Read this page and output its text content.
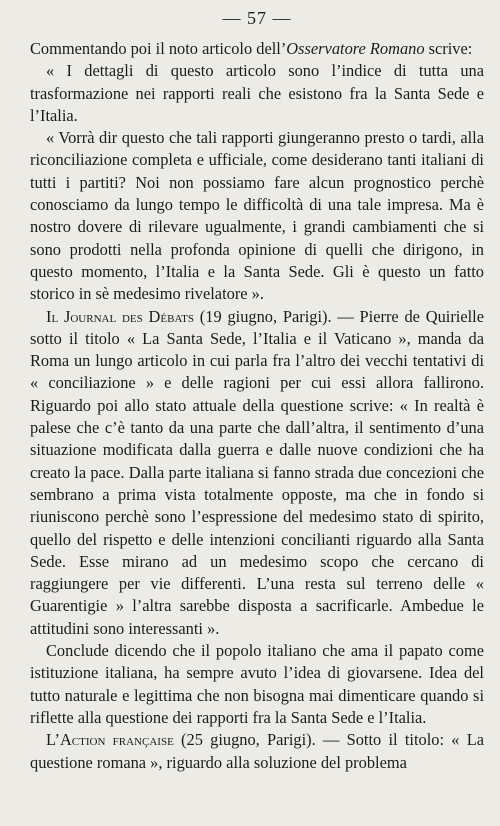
— 57 —

Commentando poi il noto articolo dell’Osservatore Romano scrive:

« I dettagli di questo articolo sono l’indice di tutta una trasformazione nei rapporti reali che esistono fra la Santa Sede e l’Italia.

« Vorrà dir questo che tali rapporti giungeranno presto o tardi, alla riconciliazione completa e ufficiale, come desiderano tanti italiani di tutti i partiti? Noi non possiamo fare alcun prognostico perchè conosciamo da lungo tempo le difficoltà di una tale impresa. Ma è nostro dovere di rilevare ugualmente, i grandi cambiamenti che si sono prodotti nella profonda opinione di quelli che dirigono, in questo momento, l’Italia e la Santa Sede. Gli è questo un fatto storico in sè medesimo rivelatore ».

Il Journal des Débats (19 giugno, Parigi). — Pierre de Quirielle sotto il titolo « La Santa Sede, l’Italia e il Vaticano », manda da Roma un lungo articolo in cui parla fra l’altro dei vecchi tentativi di « conciliazione » e delle ragioni per cui essi allora fallirono. Riguardo poi allo stato attuale della questione scrive: « In realtà è palese che c’è tanto da una parte che dall’altra, il sentimento d’una situazione modificata dalla guerra e dalle nuove condizioni che ha creato la pace. Dalla parte italiana si fanno strada due concezioni che sembrano a prima vista totalmente opposte, ma che in fondo si riuniscono perchè sono l’espressione del medesimo stato di spirito, quello del rispetto e delle intenzioni concilianti riguardo alla Santa Sede. Esse mirano ad un medesimo scopo che cercano di raggiungere per vie differenti. L’una resta sul terreno delle « Guarentigie » l’altra sarebbe disposta a sacrificarle. Ambedue le attitudini sono interessanti ».

Conclude dicendo che il popolo italiano che ama il papato come istituzione italiana, ha sempre avuto l’idea di giovarsene. Idea del tutto naturale e legittima che non bisogna mai dimenticare quando si riflette alla questione dei rapporti fra la Santa Sede e l’Italia.

L’Action française (25 giugno, Parigi). — Sotto il titolo: « La questione romana », riguardo alla soluzione del problema
